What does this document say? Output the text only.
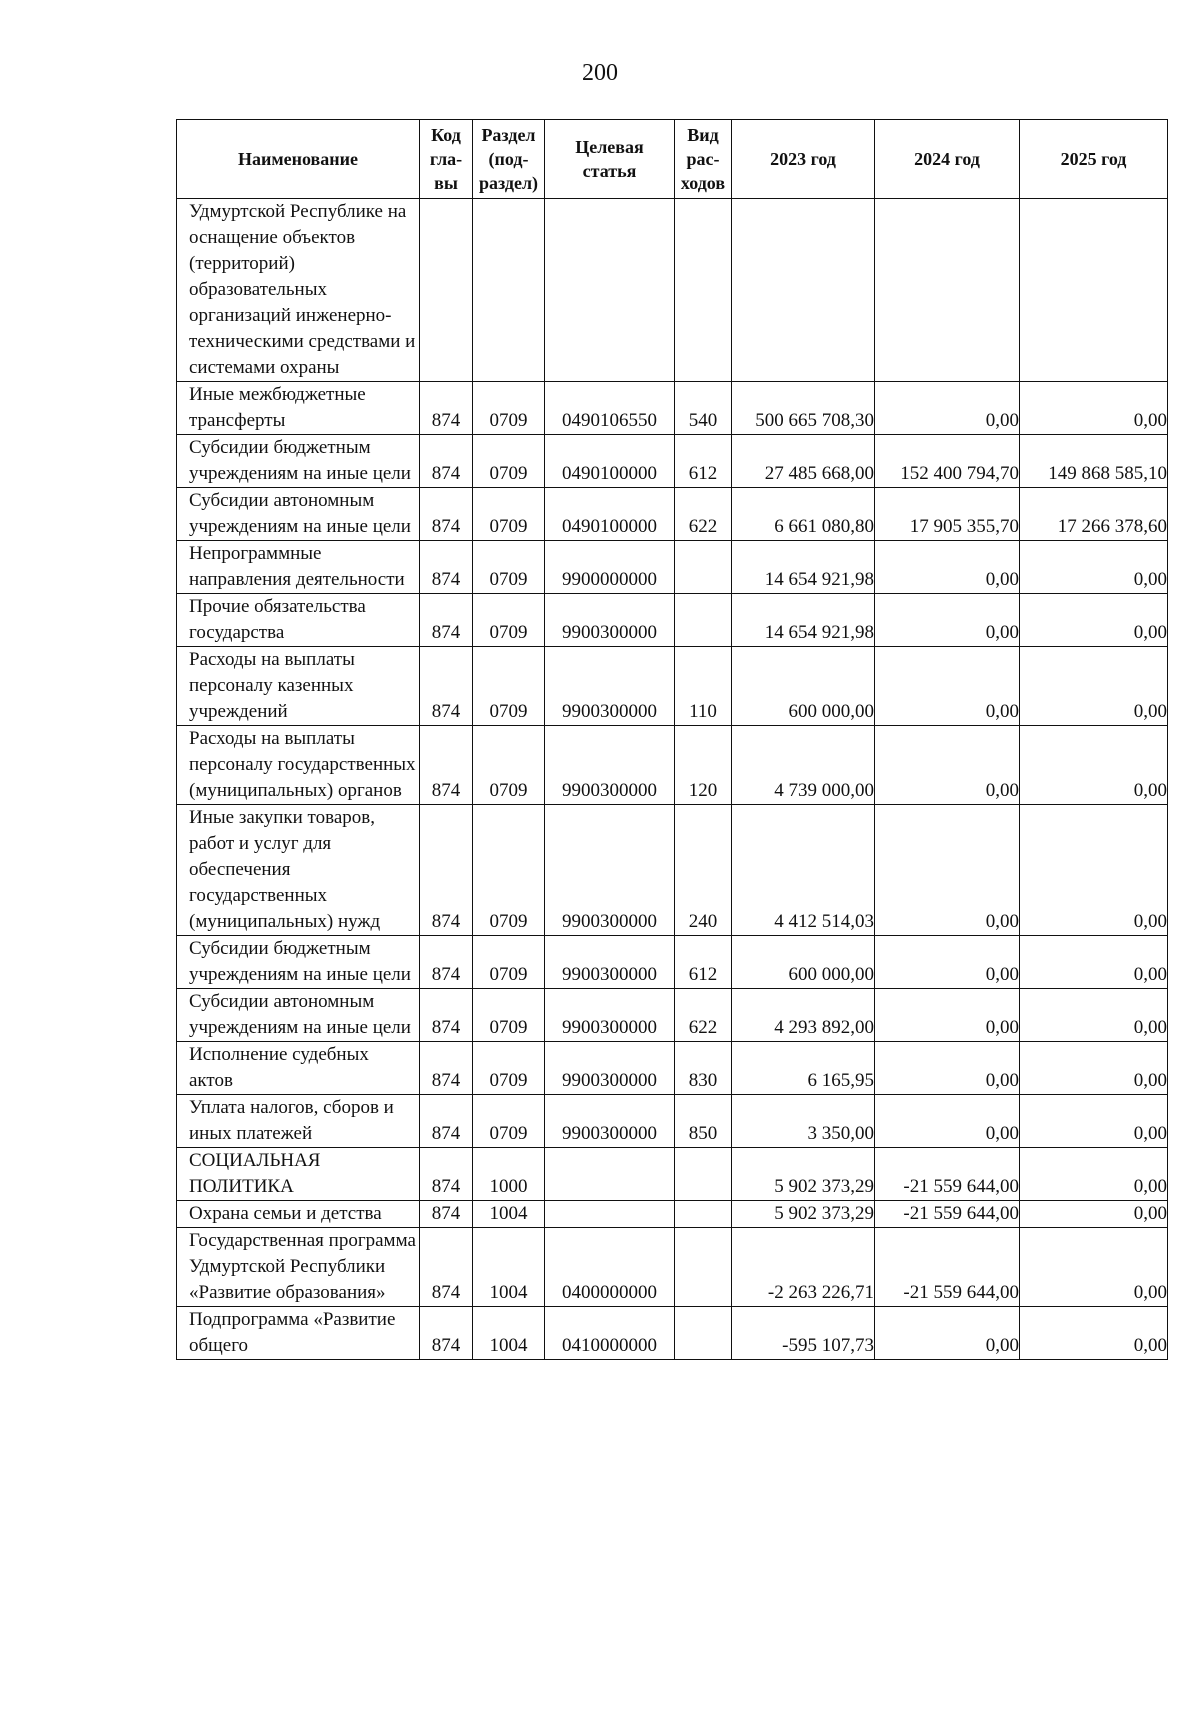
200
Наименование	Код гла-вы	Раздел (под-раздел)	Целевая статья	Вид рас-ходов	2023 год	2024 год	2025 год
Удмуртской Республике на оснащение объектов (территорий) образовательных организаций инженерно-техническими средствами и системами охраны							
Иные межбюджетные трансферты	874	0709	0490106550	540	500 665 708,30	0,00	0,00
Субсидии бюджетным учреждениям на иные цели	874	0709	0490100000	612	27 485 668,00	152 400 794,70	149 868 585,10
Субсидии автономным учреждениям на иные цели	874	0709	0490100000	622	6 661 080,80	17 905 355,70	17 266 378,60
Непрограммные направления деятельности	874	0709	9900000000		14 654 921,98	0,00	0,00
Прочие обязательства государства	874	0709	9900300000		14 654 921,98	0,00	0,00
Расходы на выплаты персоналу казенных учреждений	874	0709	9900300000	110	600 000,00	0,00	0,00
Расходы на выплаты персоналу государственных (муниципальных) органов	874	0709	9900300000	120	4 739 000,00	0,00	0,00
Иные закупки товаров, работ и услуг для обеспечения государственных (муниципальных) нужд	874	0709	9900300000	240	4 412 514,03	0,00	0,00
Субсидии бюджетным учреждениям на иные цели	874	0709	9900300000	612	600 000,00	0,00	0,00
Субсидии автономным учреждениям на иные цели	874	0709	9900300000	622	4 293 892,00	0,00	0,00
Исполнение судебных актов	874	0709	9900300000	830	6 165,95	0,00	0,00
Уплата налогов, сборов и иных платежей	874	0709	9900300000	850	3 350,00	0,00	0,00
СОЦИАЛЬНАЯ ПОЛИТИКА	874	1000			5 902 373,29	-21 559 644,00	0,00
Охрана семьи и детства	874	1004			5 902 373,29	-21 559 644,00	0,00
Государственная программа Удмуртской Республики «Развитие образования»	874	1004	0400000000		-2 263 226,71	-21 559 644,00	0,00
Подпрограмма «Развитие общего	874	1004	0410000000		-595 107,73	0,00	0,00
